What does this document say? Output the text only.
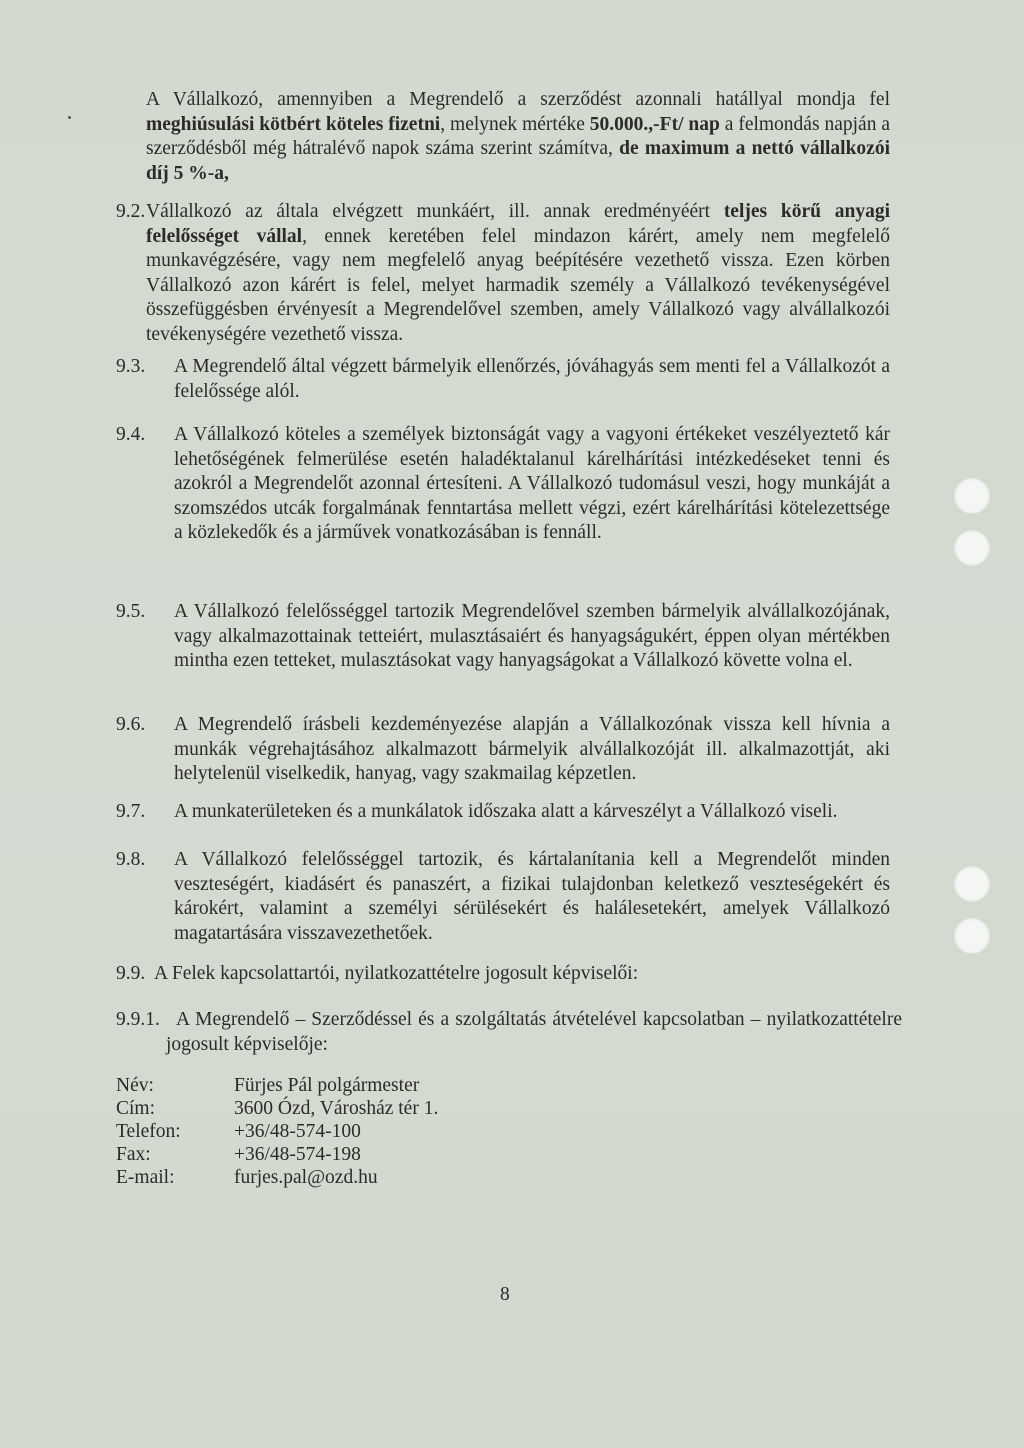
A Vállalkozó, amennyiben a Megrendelő a szerződést azonnali hatállyal mondja fel meghiúsulási kötbért köteles fizetni, melynek mértéke 50.000.,-Ft/ nap a felmondás napján a szerződésből még hátralévő napok száma szerint számítva, de maximum a nettó vállalkozói díj 5 %-a,

9.2. Vállalkozó az általa elvégzett munkáért, ill. annak eredményéért teljes körű anyagi felelősséget vállal, ennek keretében felel mindazon kárért, amely nem megfelelő munkavégzésére, vagy nem megfelelő anyag beépítésére vezethető vissza. Ezen körben Vállalkozó azon kárért is felel, melyet harmadik személy a Vállalkozó tevékenységével összefüggésben érvényesít a Megrendelővel szemben, amely Vállalkozó vagy alvállalkozói tevékenységére vezethető vissza.

9.3. A Megrendelő által végzett bármelyik ellenőrzés, jóváhagyás sem menti fel a Vállalkozót a felelőssége alól.
9.4. A Vállalkozó köteles a személyek biztonságát vagy a vagyoni értékeket veszélyeztető kár lehetőségének felmerülése esetén haladéktalanul kárelhárítási intézkedéseket tenni és azokról a Megrendelőt azonnal értesíteni. A Vállalkozó tudomásul veszi, hogy munkáját a szomszédos utcák forgalmának fenntartása mellett végzi, ezért kárelhárítási kötelezettsége a közlekedők és a járművek vonatkozásában is fennáll.
9.5. A Vállalkozó felelősséggel tartozik Megrendelővel szemben bármelyik alvállalkozójának, vagy alkalmazottainak tetteiért, mulasztásaiért és hanyagságukért, éppen olyan mértékben mintha ezen tetteket, mulasztásokat vagy hanyagságokat a Vállalkozó követte volna el.
9.6. A Megrendelő írásbeli kezdeményezése alapján a Vállalkozónak vissza kell hívnia a munkák végrehajtásához alkalmazott bármelyik alvállalkozóját ill. alkalmazottját, aki helytelenül viselkedik, hanyag, vagy szakmailag képzetlen.
9.7. A munkaterületeken és a munkálatok időszaka alatt a kárveszélyt a Vállalkozó viseli.
9.8. A Vállalkozó felelősséggel tartozik, és kártalanítania kell a Megrendelőt minden veszteségért, kiadásért és panaszért, a fizikai tulajdonban keletkező veszteségekért és károkért, valamint a személyi sérülésekért és halálesetekért, amelyek Vállalkozó magatartására visszavezethetőek.
9.9. A Felek kapcsolattartói, nyilatkozattételre jogosult képviselői:
9.9.1. A Megrendelő – Szerződéssel és a szolgáltatás átvételével kapcsolatban – nyilatkozattételre jogosult képviselője:
Név:	Fürjes Pál polgármester
Cím:	3600 Ózd, Városház tér 1.
Telefon:	+36/48-574-100
Fax:	+36/48-574-198
E-mail:	furjes.pal@ozd.hu
8
